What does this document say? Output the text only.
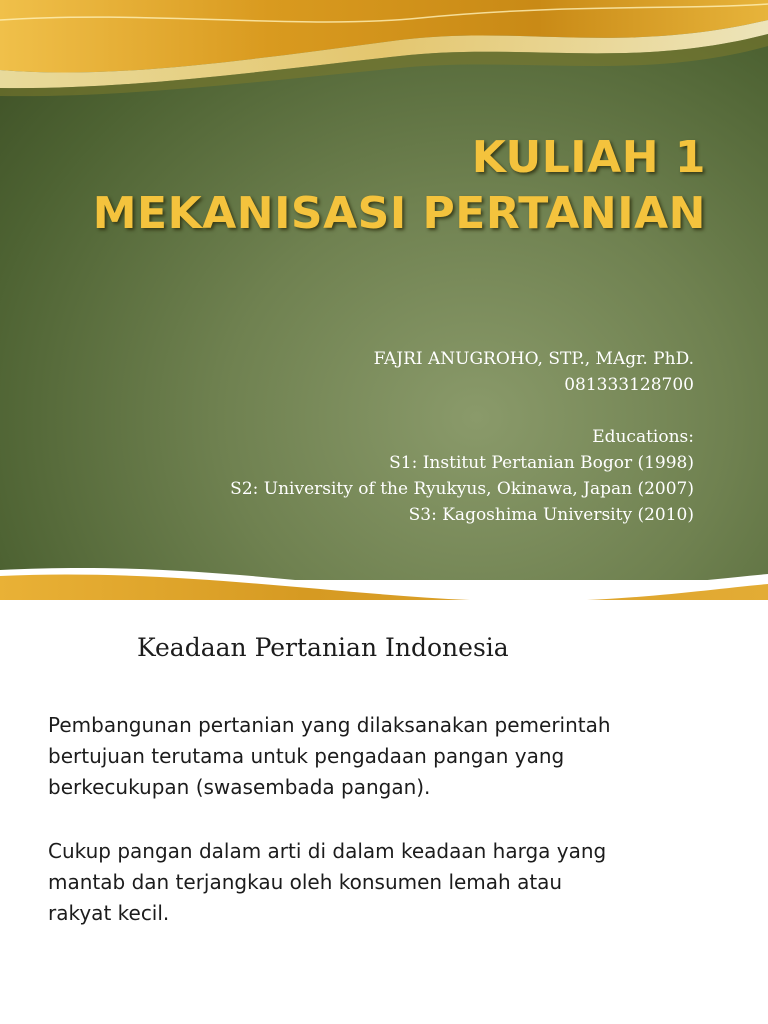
KULIAH 1
MEKANISASI PERTANIAN
FAJRI ANUGROHO, STP., MAgr. PhD.
081333128700
Educations:
S1: Institut Pertanian Bogor (1998)
S2: University of the Ryukyus, Okinawa, Japan (2007)
S3: Kagoshima University (2010)
Keadaan Pertanian Indonesia

Pembangunan pertanian yang dilaksanakan pemerintah
bertujuan terutama untuk pengadaan pangan yang
berkecukupan (swasembada pangan).

Cukup pangan dalam arti di dalam keadaan harga yang
mantab dan terjangkau oleh konsumen lemah atau
rakyat kecil.
